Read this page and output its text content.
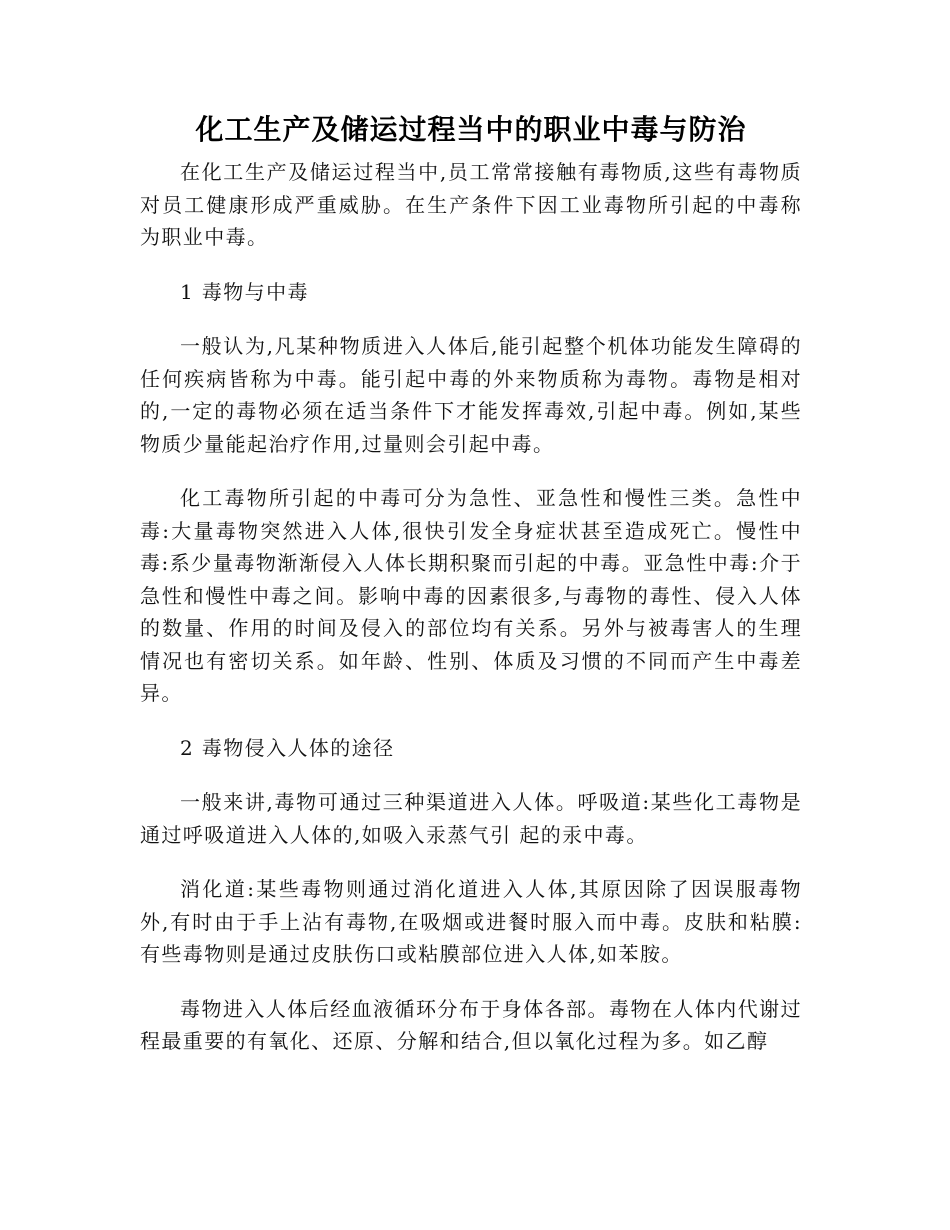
化工生产及储运过程当中的职业中毒与防治

在化工生产及储运过程当中,员工常常接触有毒物质,这些有毒物质对员工健康形成严重威胁。在生产条件下因工业毒物所引起的中毒称为职业中毒。

1 毒物与中毒

一般认为,凡某种物质进入人体后,能引起整个机体功能发生障碍的任何疾病皆称为中毒。能引起中毒的外来物质称为毒物。毒物是相对的,一定的毒物必须在适当条件下才能发挥毒效,引起中毒。例如,某些物质少量能起治疗作用,过量则会引起中毒。

化工毒物所引起的中毒可分为急性、亚急性和慢性三类。急性中毒:大量毒物突然进入人体,很快引发全身症状甚至造成死亡。慢性中毒:系少量毒物渐渐侵入人体长期积聚而引起的中毒。亚急性中毒:介于急性和慢性中毒之间。影响中毒的因素很多,与毒物的毒性、侵入人体的数量、作用的时间及侵入的部位均有关系。另外与被毒害人的生理情况也有密切关系。如年龄、性别、体质及习惯的不同而产生中毒差异。

2 毒物侵入人体的途径

一般来讲,毒物可通过三种渠道进入人体。呼吸道:某些化工毒物是通过呼吸道进入人体的,如吸入汞蒸气引 起的汞中毒。

消化道:某些毒物则通过消化道进入人体,其原因除了因误服毒物外,有时由于手上沾有毒物,在吸烟或进餐时服入而中毒。皮肤和粘膜:有些毒物则是通过皮肤伤口或粘膜部位进入人体,如苯胺。

毒物进入人体后经血液循环分布于身体各部。毒物在人体内代谢过程最重要的有氧化、还原、分解和结合,但以氧化过程为多。如乙醇
